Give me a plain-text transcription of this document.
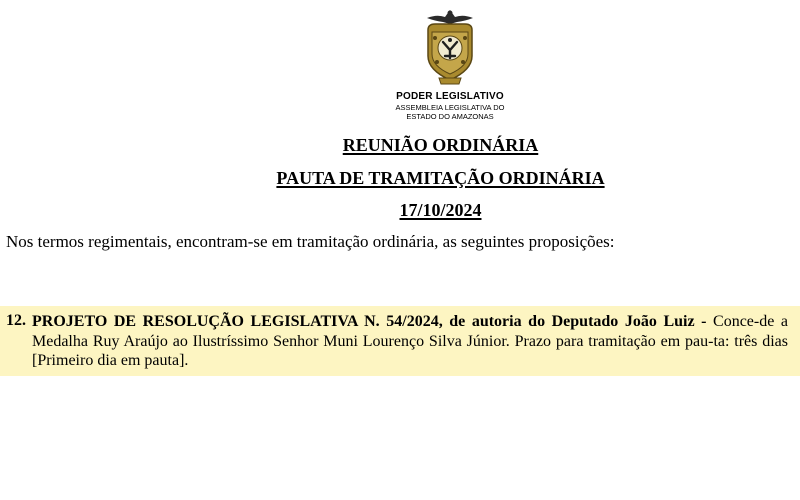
PODER LEGISLATIVO
ASSEMBLEIA LEGISLATIVA DO
ESTADO DO AMAZONAS
REUNIÃO ORDINÁRIA
PAUTA DE TRAMITAÇÃO ORDINÁRIA
17/10/2024
Nos termos regimentais, encontram-se em tramitação ordinária, as seguintes proposições:
12. PROJETO DE RESOLUÇÃO LEGISLATIVA N. 54/2024, de autoria do Deputado João Luiz - Conce-de a Medalha Ruy Araújo ao Ilustríssimo Senhor Muni Lourenço Silva Júnior. Prazo para tramitação em pau-ta: três dias [Primeiro dia em pauta].
